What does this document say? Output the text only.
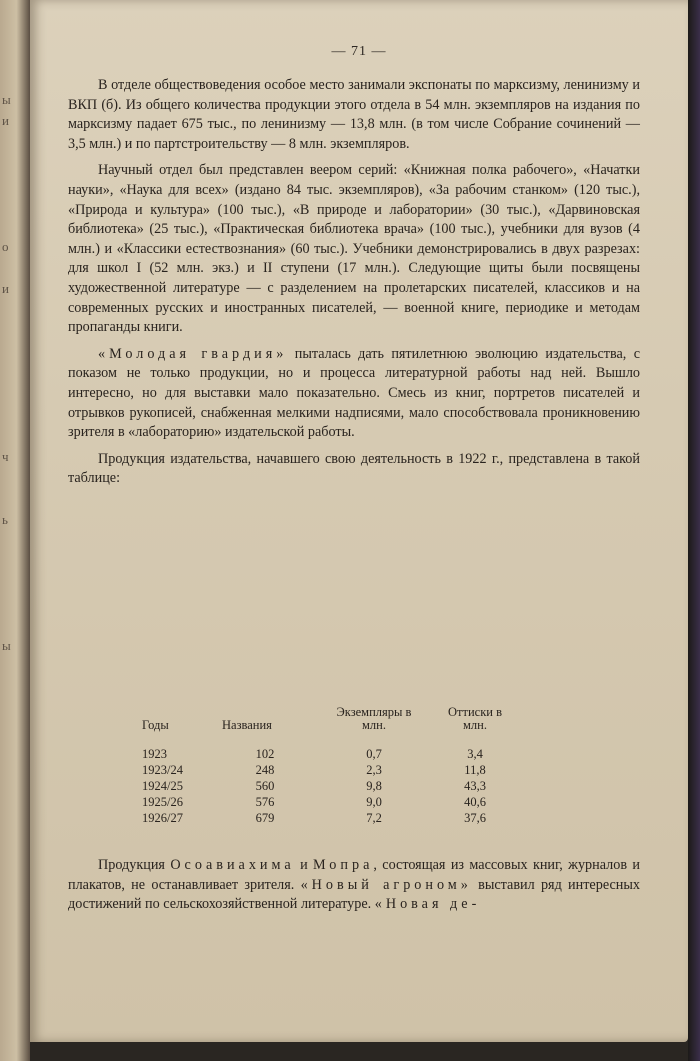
ы
и
о
и
ч
ь
ы
— 71 —

В отделе обществоведения особое место занимали экспонаты по марксизму, ленинизму и ВКП (б). Из общего количества продукции этого отдела в 54 млн. экземпляров на издания по марксизму падает 675 тыс., по ленинизму — 13,8 млн. (в том числе Собрание сочинений — 3,5 млн.) и по партстроительству — 8 млн. экземпляров.

Научный отдел был представлен веером серий: «Книжная полка рабочего», «Начатки науки», «Наука для всех» (издано 84 тыс. экземпляров), «За рабочим станком» (120 тыс.), «Природа и культура» (100 тыс.), «В природе и лаборатории» (30 тыс.), «Дарвиновская библиотека» (25 тыс.), «Практическая библиотека врача» (100 тыс.), учебники для вузов (4 млн.) и «Классики естествознания» (60 тыс.). Учебники демонстрировались в двух разрезах: для школ I (52 млн. экз.) и II ступени (17 млн.). Следующие щиты были посвящены художественной литературе — с разделением на пролетарских писателей, классиков и на современных русских и иностранных писателей, — военной книге, периодике и методам пропаганды книги.

«Молодая гвардия» пыталась дать пятилетнюю эволюцию издательства, с показом не только продукции, но и процесса литературной работы над ней. Вышло интересно, но для выставки мало показательно. Смесь из книг, портретов писателей и отрывков рукописей, снабженная мелкими надписями, мало способствовала проникновению зрителя в «лабораторию» издательской работы.

Продукция издательства, начавшего свою деятельность в 1922 г., представлена в такой таблице:

Годы	Названия	Экземпляры в млн.	Оттиски в млн.
1923	102	0,7	3,4
1923/24	248	2,3	11,8
1924/25	560	9,8	43,3
1925/26	576	9,0	40,6
1926/27	679	7,2	37,6

Продукция Осоавиахима и Мопра, состоящая из массовых книг, журналов и плакатов, не останавливает зрителя. «Новый агроном» выставил ряд интересных достижений по сельскохозяйственной литературе. «Новая де-
